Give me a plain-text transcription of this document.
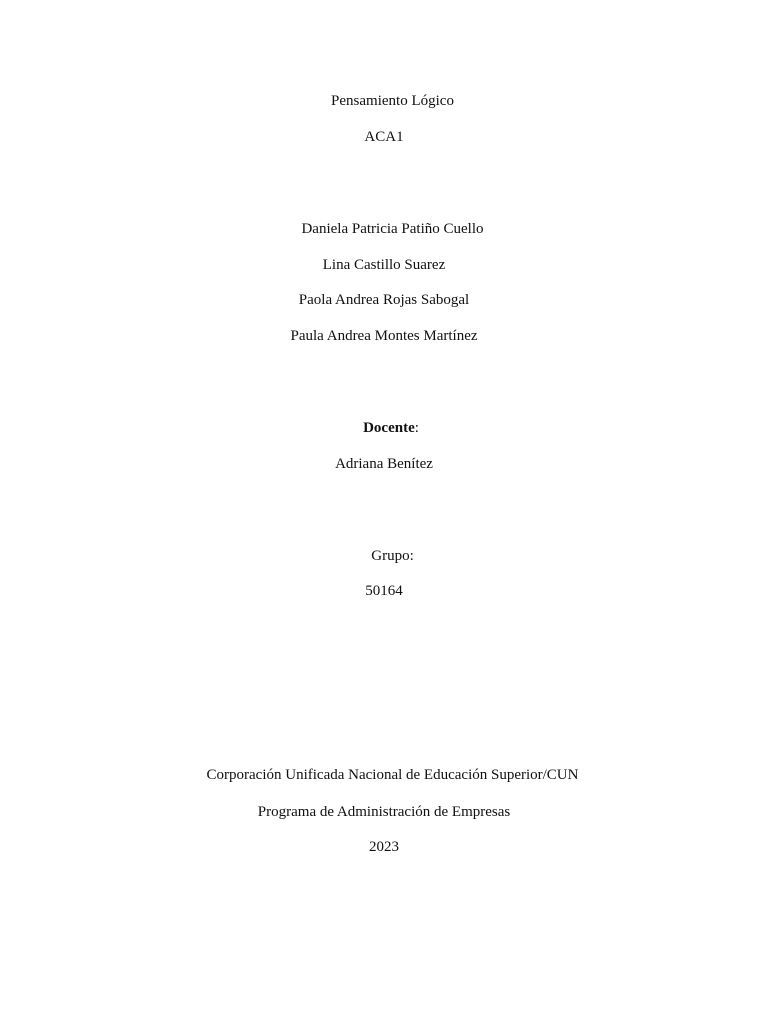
Pensamiento Lógico
ACA1
Daniela Patricia Patiño Cuello
Lina Castillo Suarez
Paola Andrea Rojas Sabogal
Paula Andrea Montes Martínez
Docente:
Adriana Benítez
Grupo:
50164
Corporación Unificada Nacional de Educación Superior/CUN
Programa de Administración de Empresas
2023
